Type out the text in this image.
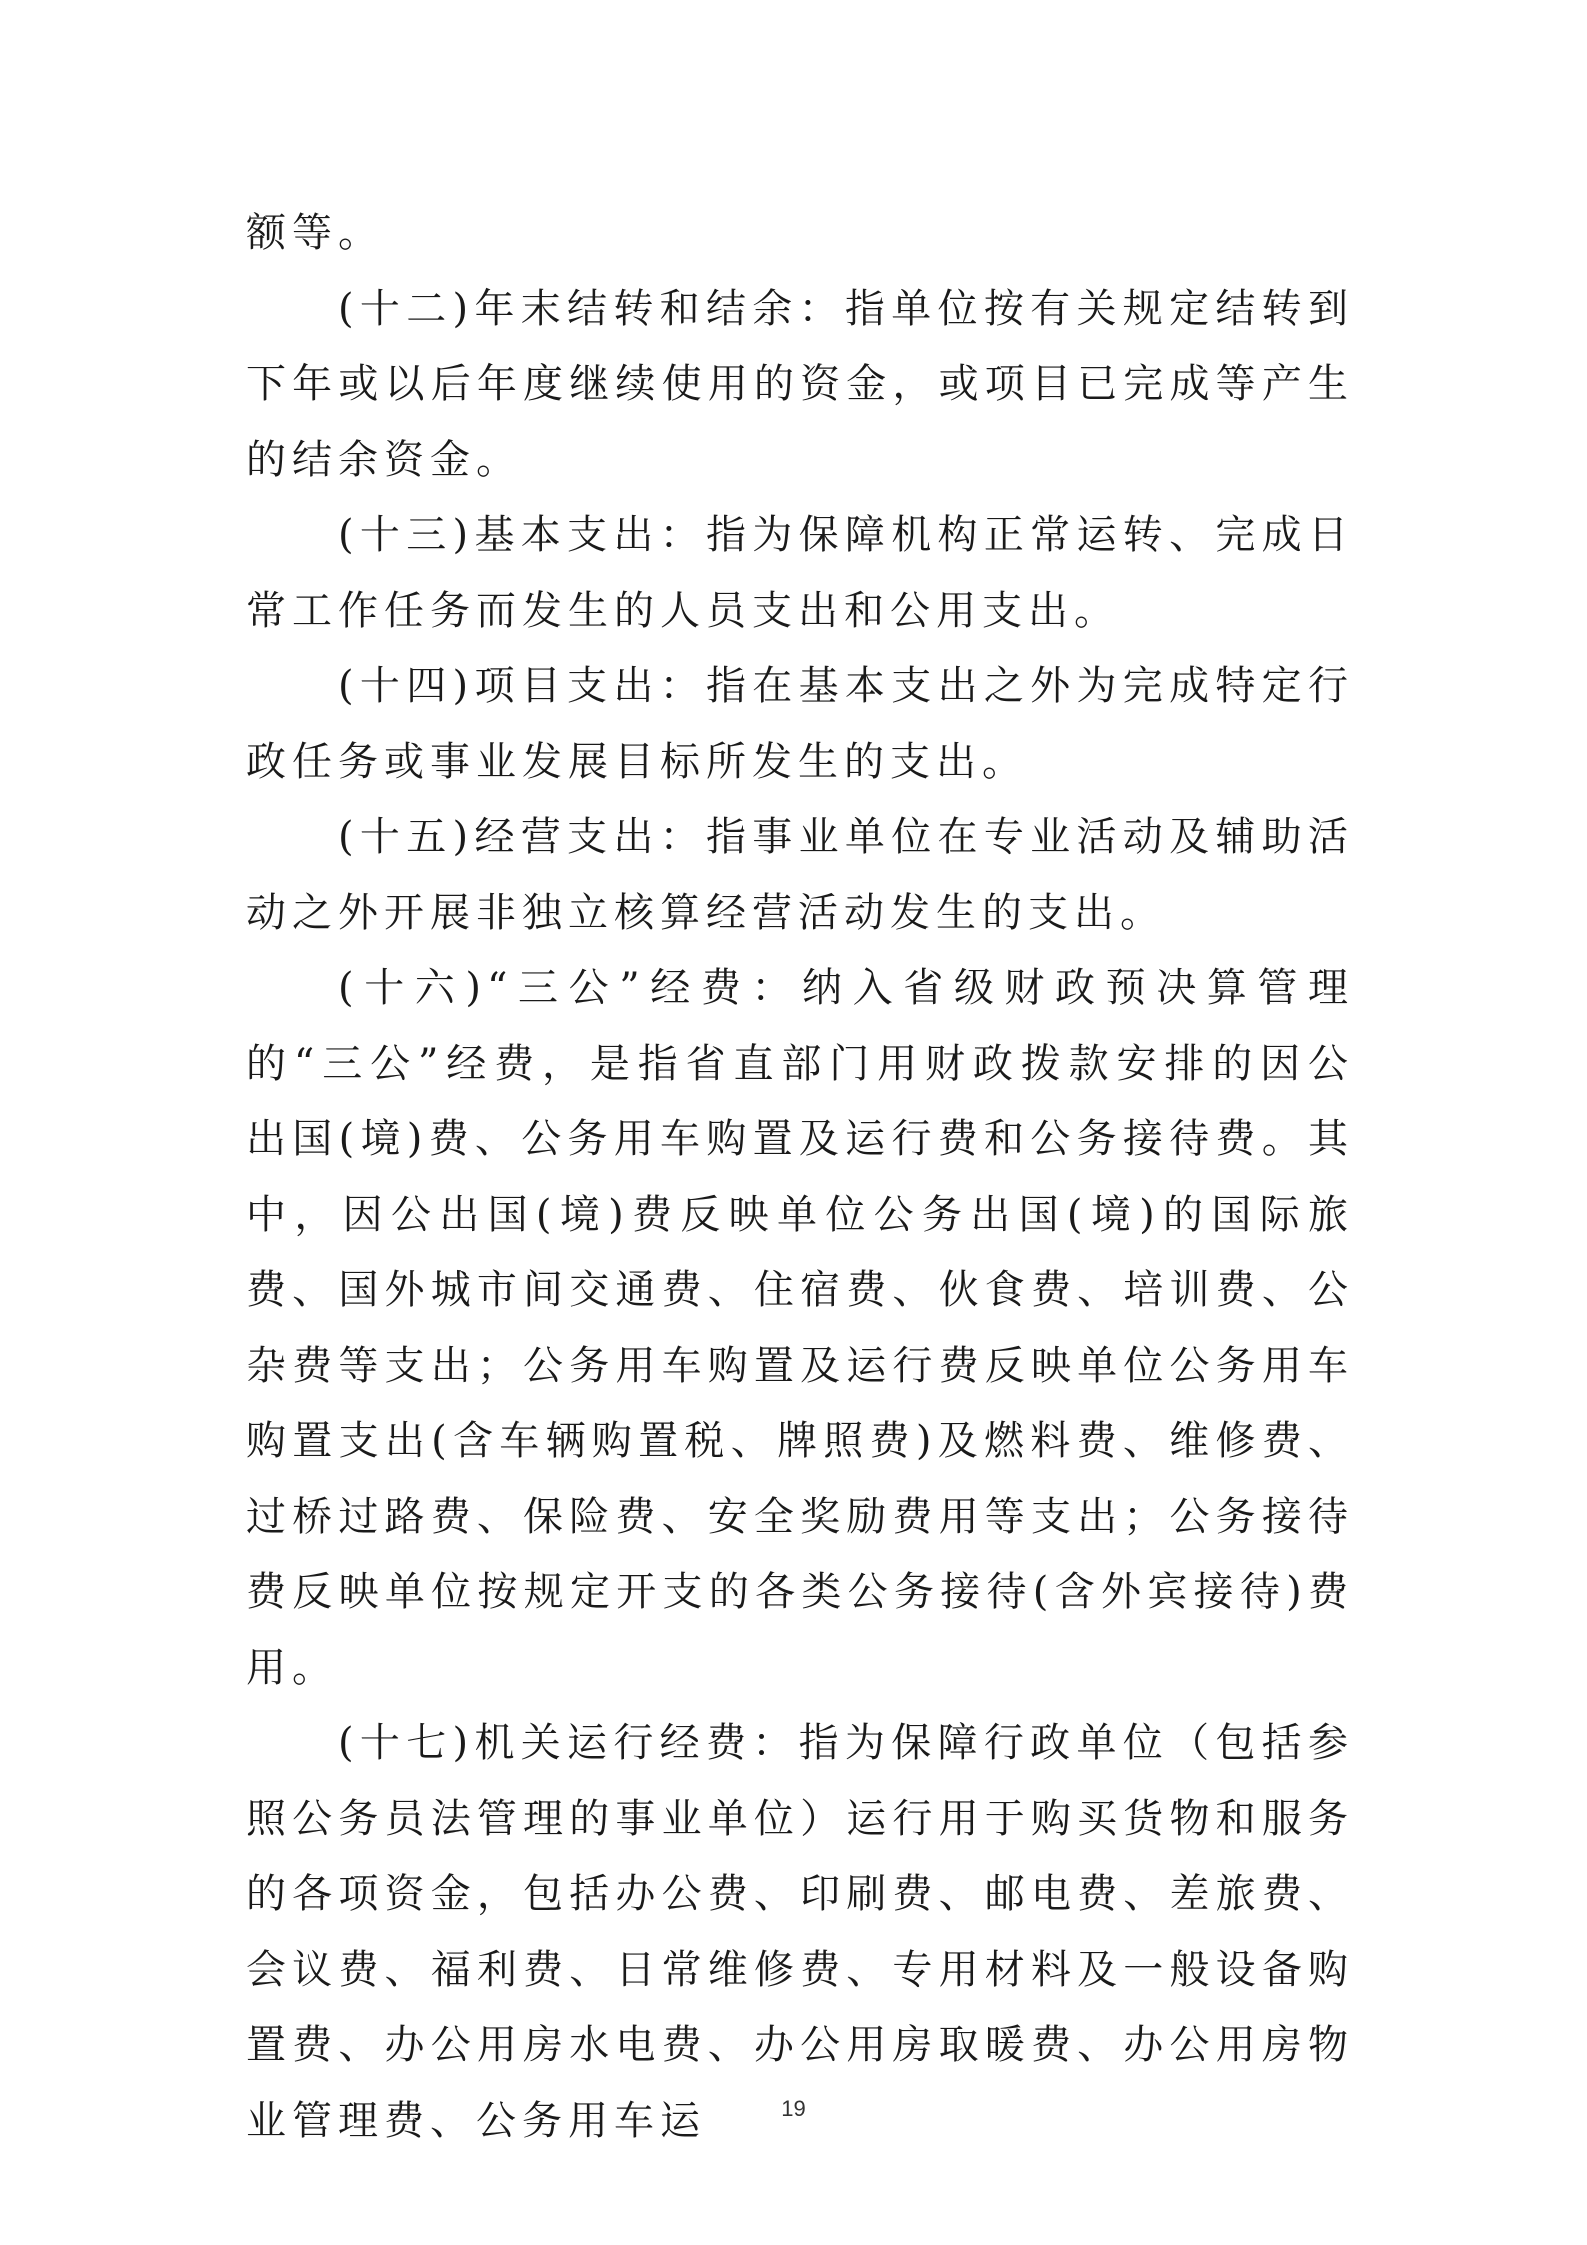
额等。

(十二)年末结转和结余：指单位按有关规定结转到下年或以后年度继续使用的资金，或项目已完成等产生的结余资金。

(十三)基本支出：指为保障机构正常运转、完成日常工作任务而发生的人员支出和公用支出。

(十四)项目支出：指在基本支出之外为完成特定行政任务或事业发展目标所发生的支出。

(十五)经营支出：指事业单位在专业活动及辅助活动之外开展非独立核算经营活动发生的支出。

(十六)“三公”经费：纳入省级财政预决算管理的“三公”经费，是指省直部门用财政拨款安排的因公出国(境)费、公务用车购置及运行费和公务接待费。其中，因公出国(境)费反映单位公务出国(境)的国际旅费、国外城市间交通费、住宿费、伙食费、培训费、公杂费等支出；公务用车购置及运行费反映单位公务用车购置支出(含车辆购置税、牌照费)及燃料费、维修费、过桥过路费、保险费、安全奖励费用等支出；公务接待费反映单位按规定开支的各类公务接待(含外宾接待)费用。

(十七)机关运行经费：指为保障行政单位（包括参照公务员法管理的事业单位）运行用于购买货物和服务的各项资金，包括办公费、印刷费、邮电费、差旅费、会议费、福利费、日常维修费、专用材料及一般设备购置费、办公用房水电费、办公用房取暖费、办公用房物业管理费、公务用车运	19
